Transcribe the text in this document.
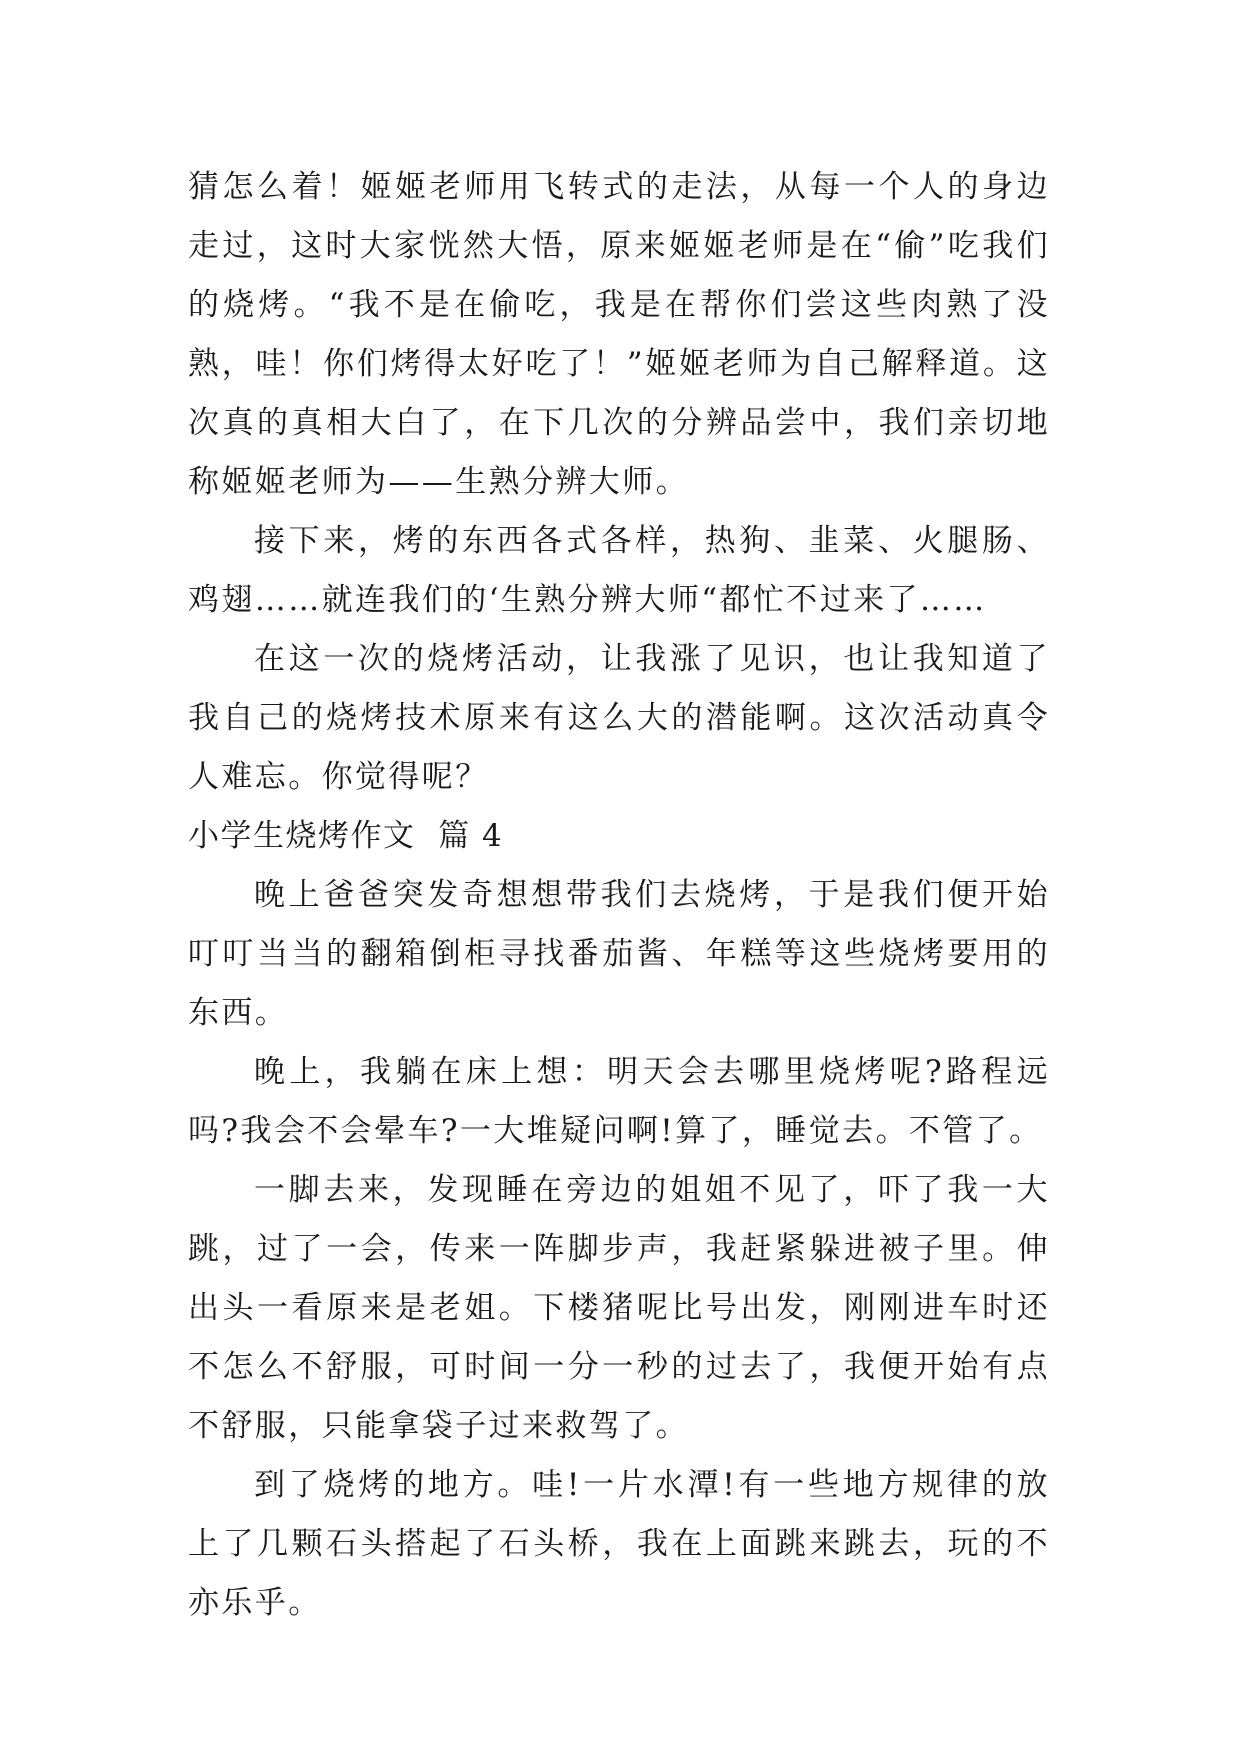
猜怎么着！姬姬老师用飞转式的走法，从每一个人的身边走过，这时大家恍然大悟，原来姬姬老师是在“偷”吃我们的烧烤。“我不是在偷吃，我是在帮你们尝这些肉熟了没熟，哇！你们烤得太好吃了！”姬姬老师为自己解释道。这次真的真相大白了，在下几次的分辨品尝中，我们亲切地称姬姬老师为——生熟分辨大师。

接下来，烤的东西各式各样，热狗、韭菜、火腿肠、鸡翅……就连我们的‘生熟分辨大师“都忙不过来了……

在这一次的烧烤活动，让我涨了见识，也让我知道了我自己的烧烤技术原来有这么大的潜能啊。这次活动真令人难忘。你觉得呢？

小学生烧烤作文  篇 4

晚上爸爸突发奇想想带我们去烧烤，于是我们便开始叮叮当当的翻箱倒柜寻找番茄酱、年糕等这些烧烤要用的东西。

晚上，我躺在床上想：明天会去哪里烧烤呢?路程远吗?我会不会晕车?一大堆疑问啊!算了，睡觉去。不管了。

一脚去来，发现睡在旁边的姐姐不见了，吓了我一大跳，过了一会，传来一阵脚步声，我赶紧躲进被子里。伸出头一看原来是老姐。下楼猪呢比号出发，刚刚进车时还不怎么不舒服，可时间一分一秒的过去了，我便开始有点不舒服，只能拿袋子过来救驾了。

到了烧烤的地方。哇!一片水潭!有一些地方规律的放上了几颗石头搭起了石头桥，我在上面跳来跳去，玩的不亦乐乎。
